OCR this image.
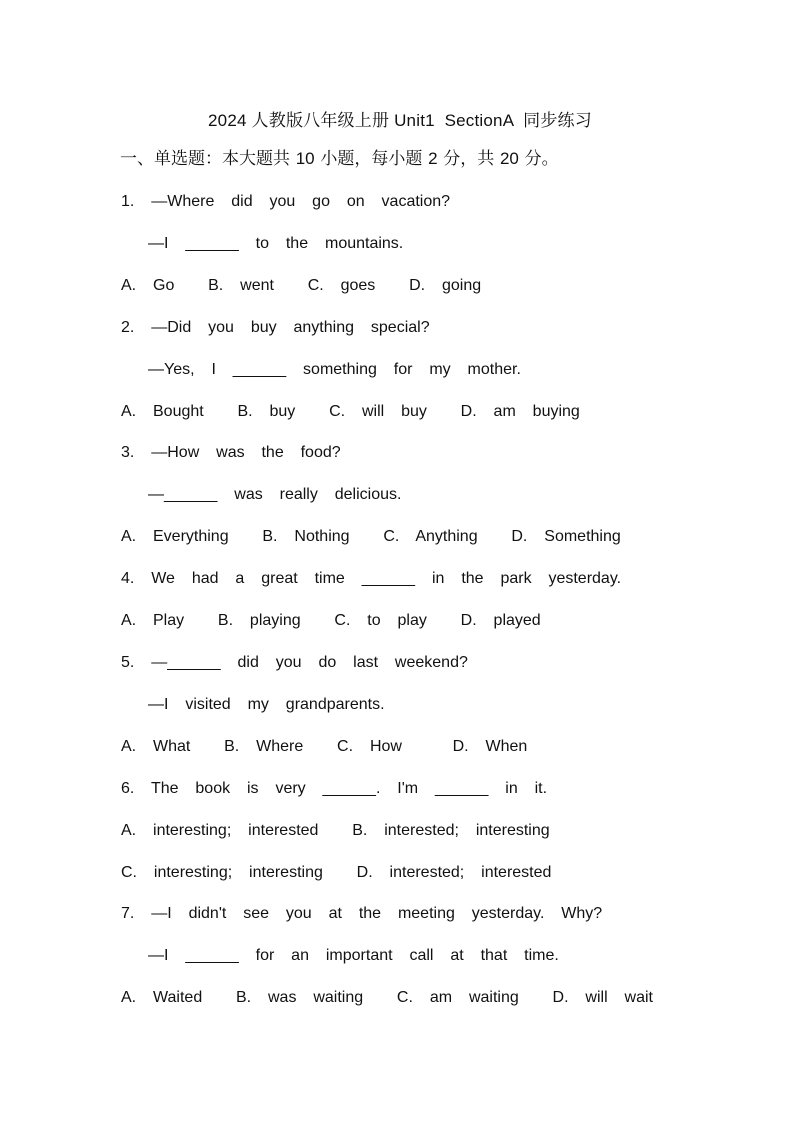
2024 人教版八年级上册 Unit1  SectionA  同步练习
一、单选题：本大题共 10 小题，每小题 2 分，共 20 分。
1.  —Where  did  you  go  on  vacation?
—I  ______  to  the  mountains.
A.  Go    B.  went    C.  goes    D.  going
2.  —Did  you  buy  anything  special?
—Yes,  I  ______  something  for  my  mother.
A.  Bought    B.  buy    C.  will  buy    D.  am  buying
3.  —How  was  the  food?
—______  was  really  delicious.
A.  Everything    B.  Nothing    C.  Anything    D.  Something
4.  We  had  a  great  time  ______  in  the  park  yesterday.
A.  Play    B.  playing    C.  to  play    D.  played
5.  —______  did  you  do  last  weekend?
—I  visited  my  grandparents.
A.  What    B.  Where    C.  How      D.  When
6.  The  book  is  very  ______.  I'm  ______  in  it.
A.  interesting;  interested    B.  interested;  interesting
C.  interesting;  interesting    D.  interested;  interested
7.  —I  didn't  see  you  at  the  meeting  yesterday.  Why?
—I  ______  for  an  important  call  at  that  time.
A.  Waited    B.  was  waiting    C.  am  waiting    D.  will  wait
